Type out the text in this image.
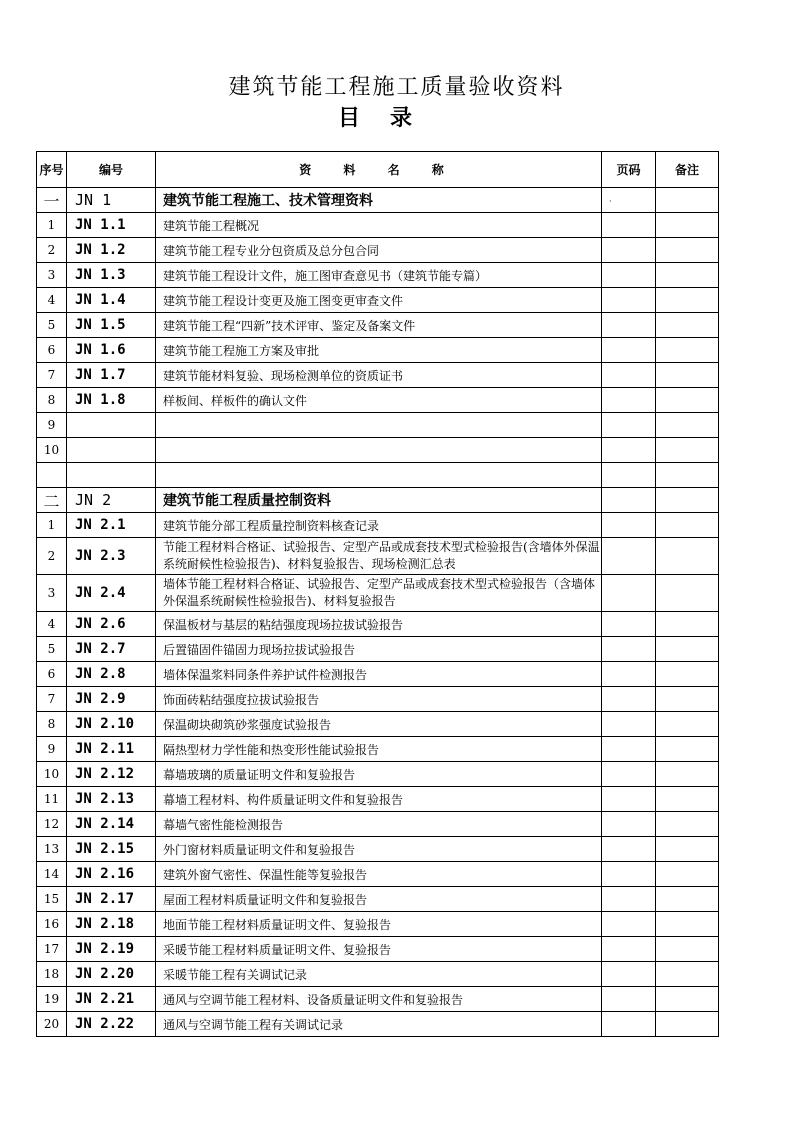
建筑节能工程施工质量验收资料
目录
序号	编号	资 料 名 称	页码	备注
一	JN 1	建筑节能工程施工、技术管理资料	·	
1	JN 1.1	建筑节能工程概况		
2	JN 1.2	建筑节能工程专业分包资质及总分包合同		
3	JN 1.3	建筑节能工程设计文件，施工图审查意见书（建筑节能专篇）		
4	JN 1.4	建筑节能工程设计变更及施工图变更审查文件		
5	JN 1.5	建筑节能工程“四新”技术评审、鉴定及备案文件		
6	JN 1.6	建筑节能工程施工方案及审批		
7	JN 1.7	建筑节能材料复验、现场检测单位的资质证书		
8	JN 1.8	样板间、样板件的确认文件		
9				
10				

二	JN 2	建筑节能工程质量控制资料		
1	JN 2.1	建筑节能分部工程质量控制资料核查记录		
2	JN 2.3	节能工程材料合格证、试验报告、定型产品或成套技术型式检验报告(含墙体外保温系统耐候性检验报告)、材料复验报告、现场检测汇总表		
3	JN 2.4	墙体节能工程材料合格证、试验报告、定型产品或成套技术型式检验报告（含墙体外保温系统耐候性检验报告)、材料复验报告		
4	JN 2.6	保温板材与基层的粘结强度现场拉拔试验报告		
5	JN 2.7	后置锚固件锚固力现场拉拔试验报告		
6	JN 2.8	墙体保温浆料同条件养护试件检测报告		
7	JN 2.9	饰面砖粘结强度拉拔试验报告		
8	JN 2.10	保温砌块砌筑砂浆强度试验报告		
9	JN 2.11	隔热型材力学性能和热变形性能试验报告		
10	JN 2.12	幕墙玻璃的质量证明文件和复验报告		
11	JN 2.13	幕墙工程材料、构件质量证明文件和复验报告		
12	JN 2.14	幕墙气密性能检测报告		
13	JN 2.15	外门窗材料质量证明文件和复验报告		
14	JN 2.16	建筑外窗气密性、保温性能等复验报告		
15	JN 2.17	屋面工程材料质量证明文件和复验报告		
16	JN 2.18	地面节能工程材料质量证明文件、复验报告		
17	JN 2.19	采暖节能工程材料质量证明文件、复验报告		
18	JN 2.20	采暖节能工程有关调试记录		
19	JN 2.21	通风与空调节能工程材料、设备质量证明文件和复验报告		
20	JN 2.22	通风与空调节能工程有关调试记录		
